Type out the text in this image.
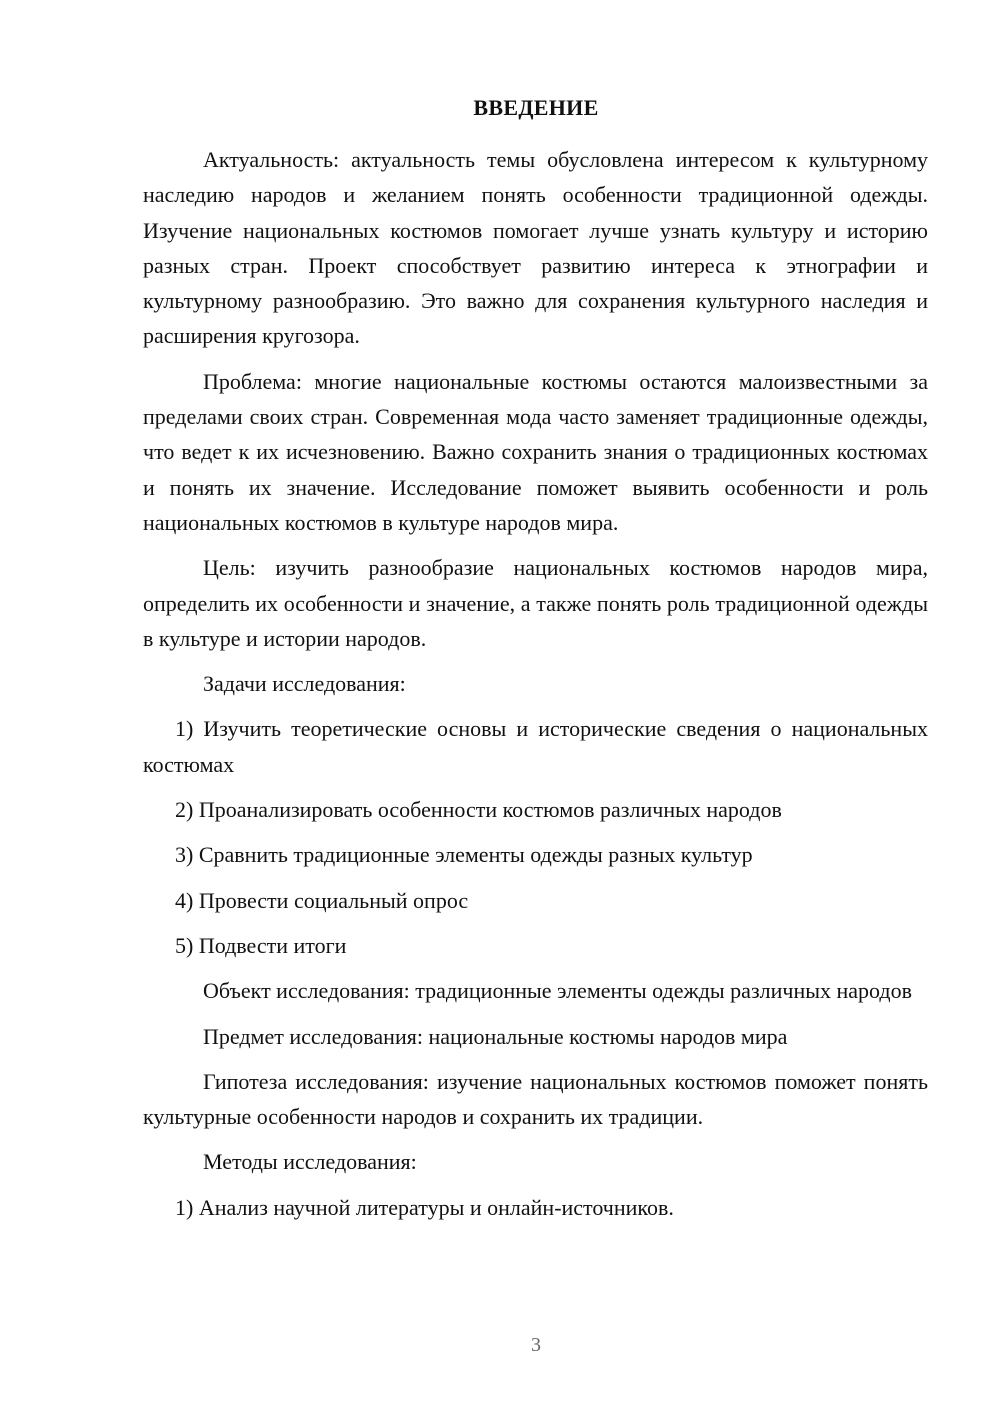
ВВЕДЕНИЕ

Актуальность: актуальность темы обусловлена интересом к культурному наследию народов и желанием понять особенности традиционной одежды. Изучение национальных костюмов помогает лучше узнать культуру и историю разных стран. Проект способствует развитию интереса к этнографии и культурному разнообразию. Это важно для сохранения культурного наследия и расширения кругозора.

Проблема: многие национальные костюмы остаются малоизвестными за пределами своих стран. Современная мода часто заменяет традиционные одежды, что ведет к их исчезновению. Важно сохранить знания о традиционных костюмах и понять их значение. Исследование поможет выявить особенности и роль национальных костюмов в культуре народов мира.

Цель: изучить разнообразие национальных костюмов народов мира, определить их особенности и значение, а также понять роль традиционной одежды в культуре и истории народов.

Задачи исследования:

1) Изучить теоретические основы и исторические сведения о национальных костюмах

2) Проанализировать особенности костюмов различных народов

3) Сравнить традиционные элементы одежды разных культур

4) Провести социальный опрос

5) Подвести итоги

Объект исследования: традиционные элементы одежды различных народов

Предмет исследования: национальные костюмы народов мира

Гипотеза исследования: изучение национальных костюмов поможет понять культурные особенности народов и сохранить их традиции.

Методы исследования:

1) Анализ научной литературы и онлайн-источников.

3
